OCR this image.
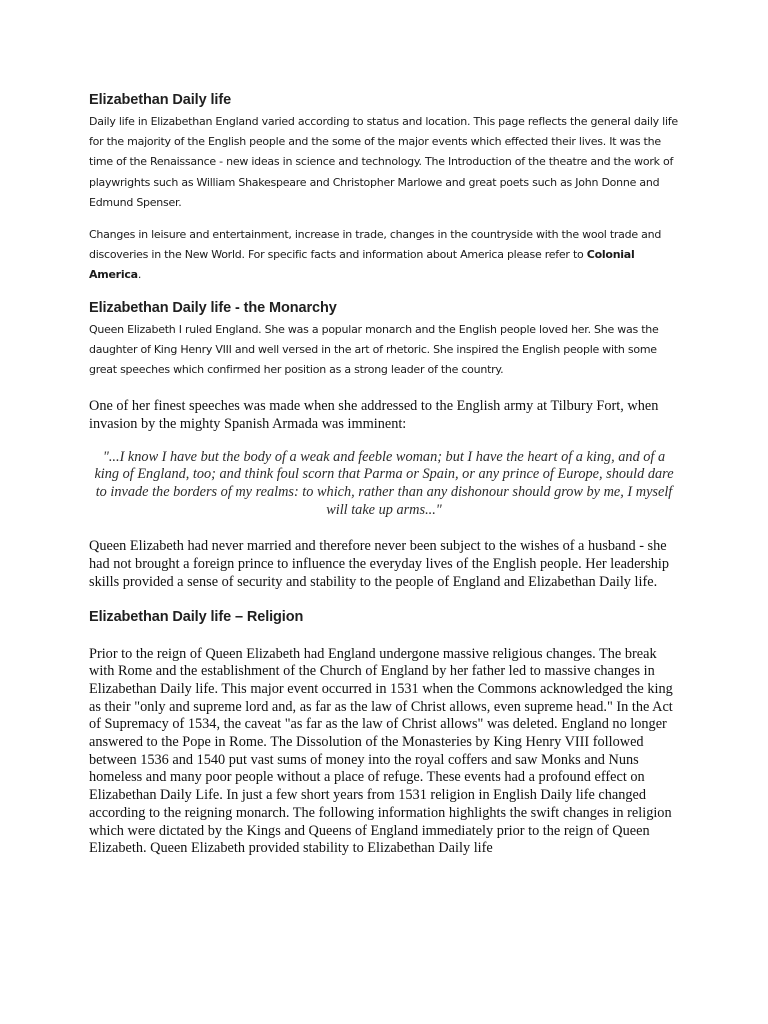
Elizabethan Daily life

Daily life in Elizabethan England varied according to status and location. This page reflects the general daily life for the majority of the English people and the some of the major events which effected their lives. It was the time of the Renaissance - new ideas in science and technology. The Introduction of the theatre and the work of playwrights such as William Shakespeare and Christopher Marlowe and great poets such as John Donne and Edmund Spenser.

Changes in leisure and entertainment, increase in trade, changes in the countryside with the wool trade and discoveries in the New World. For specific facts and information about America please refer to Colonial America.

Elizabethan Daily life - the Monarchy

Queen Elizabeth I ruled England. She was a popular monarch and the English people loved her. She was the daughter of King Henry VIII and well versed in the art of rhetoric. She inspired the English people with some great speeches which confirmed her position as a strong leader of the country.

One of her finest speeches was made when she addressed to the English army at Tilbury Fort, when invasion by the mighty Spanish Armada was imminent:

"...I know I have but the body of a weak and feeble woman; but I have the heart of a king, and of a king of England, too; and think foul scorn that Parma or Spain, or any prince of Europe, should dare to invade the borders of my realms: to which, rather than any dishonour should grow by me, I myself will take up arms..."

Queen Elizabeth had never married and therefore never been subject to the wishes of a husband - she had not brought a foreign prince to influence the everyday lives of the English people. Her leadership skills provided a sense of security and stability to the people of England and Elizabethan Daily life.

Elizabethan Daily life – Religion

Prior to the reign of Queen Elizabeth had England undergone massive religious changes. The break with Rome and the establishment of the Church of England by her father led to massive changes in Elizabethan Daily life. This major event occurred in 1531 when the Commons acknowledged the king as their "only and supreme lord and, as far as the law of Christ allows, even supreme head." In the Act of Supremacy of 1534, the caveat "as far as the law of Christ allows" was deleted. England no longer answered to the Pope in Rome. The Dissolution of the Monasteries by King Henry VIII followed between 1536 and 1540 put vast sums of money into the royal coffers and saw Monks and Nuns homeless and many poor people without a place of refuge. These events had a profound effect on Elizabethan Daily Life. In just a few short years from 1531 religion in English Daily life changed according to the reigning monarch. The following information highlights the swift changes in religion which were dictated by the Kings and Queens of England immediately prior to the reign of Queen Elizabeth. Queen Elizabeth provided stability to Elizabethan Daily life
